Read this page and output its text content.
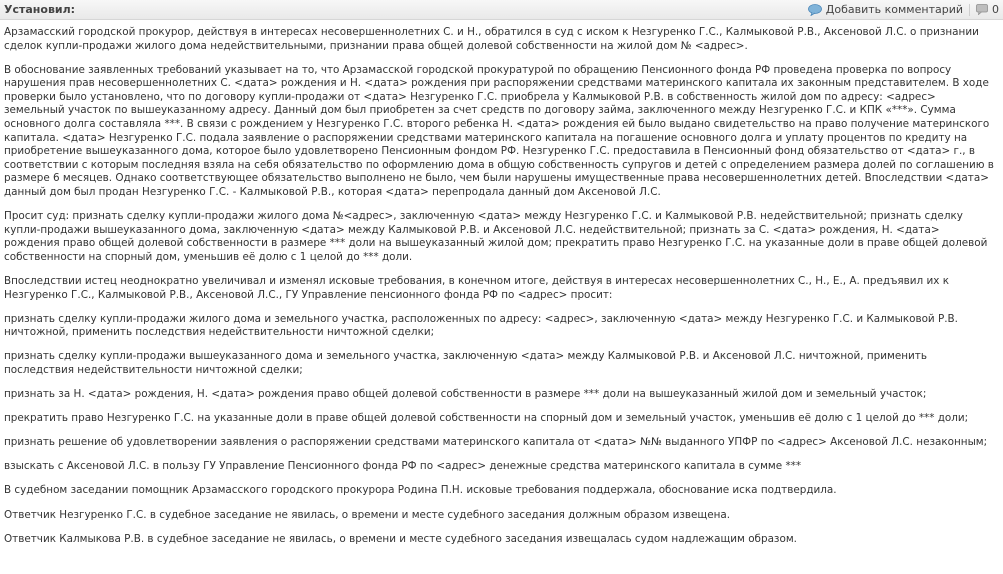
Установил:	Добавить комментарий	0

Арзамасский городской прокурор, действуя в интересах несовершеннолетних С. и Н., обратился в суд с иском к Незгуренко Г.С., Калмыковой Р.В., Аксеновой Л.С. о признании сделок купли-продажи жилого дома недействительными, признании права общей долевой собственности на жилой дом № <адрес>.

В обоснование заявленных требований указывает на то, что Арзамасской городской прокуратурой по обращению Пенсионного фонда РФ проведена проверка по вопросу нарушения прав несовершеннолетних С. <дата> рождения и Н. <дата> рождения при распоряжении средствами материнского капитала их законным представителем. В ходе проверки было установлено, что по договору купли-продажи от <дата> Незгуренко Г.С. приобрела у Калмыковой Р.В. в собственность жилой дом по адресу: <адрес> земельный участок по вышеуказанному адресу. Данный дом был приобретен за счет средств по договору займа, заключенного между Незгуренко Г.С. и КПК «***». Сумма основного долга составляла ***. В связи с рождением у Незгуренко Г.С. второго ребенка Н. <дата> рождения ей было выдано свидетельство на право получение материнского капитала. <дата> Незгуренко Г.С. подала заявление о распоряжении средствами материнского капитала на погашение основного долга и уплату процентов по кредиту на приобретение вышеуказанного дома, которое было удовлетворено Пенсионным фондом РФ. Незгуренко Г.С. предоставила в Пенсионный фонд обязательство от <дата> г., в соответствии с которым последняя взяла на себя обязательство по оформлению дома в общую собственность супругов и детей с определением размера долей по соглашению в размере 6 месяцев. Однако соответствующее обязательство выполнено не было, чем были нарушены имущественные права несовершеннолетних детей. Впоследствии <дата> данный дом был продан Незгуренко Г.С. - Калмыковой Р.В., которая <дата> перепродала данный дом Аксеновой Л.С.

Просит суд: признать сделку купли-продажи жилого дома №<адрес>, заключенную <дата> между Незгуренко Г.С. и Калмыковой Р.В. недействительной; признать сделку купли-продажи вышеуказанного дома, заключенную <дата> между Калмыковой Р.В. и Аксеновой Л.С. недействительной; признать за С. <дата> рождения, Н. <дата> рождения право общей долевой собственности в размере *** доли на вышеуказанный жилой дом; прекратить право Незгуренко Г.С. на указанные доли в праве общей долевой собственности на спорный дом, уменьшив её долю с 1 целой до *** доли.

Впоследствии истец неоднократно увеличивал и изменял исковые требования, в конечном итоге, действуя в интересах несовершеннолетних С., Н., Е., А. предъявил их к Незгуренко Г.С., Калмыковой Р.В., Аксеновой Л.С., ГУ Управление пенсионного фонда РФ по <адрес> просит:

признать сделку купли-продажи жилого дома и земельного участка, расположенных по адресу: <адрес>, заключенную <дата> между Незгуренко Г.С. и Калмыковой Р.В. ничтожной, применить последствия недействительности ничтожной сделки;

признать сделку купли-продажи вышеуказанного дома и земельного участка, заключенную <дата> между Калмыковой Р.В. и Аксеновой Л.С. ничтожной, применить последствия недействительности ничтожной сделки;

признать за Н. <дата> рождения, Н. <дата> рождения право общей долевой собственности в размере *** доли на вышеуказанный жилой дом и земельный участок;

прекратить право Незгуренко Г.С. на указанные доли в праве общей долевой собственности на спорный дом и земельный участок, уменьшив её долю с 1 целой до *** доли;

признать решение об удовлетворении заявления о распоряжении средствами материнского капитала от <дата> №№ выданного УПФР по <адрес> Аксеновой Л.С. незаконным;

взыскать с Аксеновой Л.С. в пользу ГУ Управление Пенсионного фонда РФ по <адрес> денежные средства материнского капитала в сумме ***

В судебном заседании помощник Арзамасского городского прокурора Родина П.Н. исковые требования поддержала, обоснование иска подтвердила.

Ответчик Незгуренко Г.С. в судебное заседание не явилась, о времени и месте судебного заседания должным образом извещена.

Ответчик Калмыкова Р.В. в судебное заседание не явилась, о времени и месте судебного заседания извещалась судом надлежащим образом.
